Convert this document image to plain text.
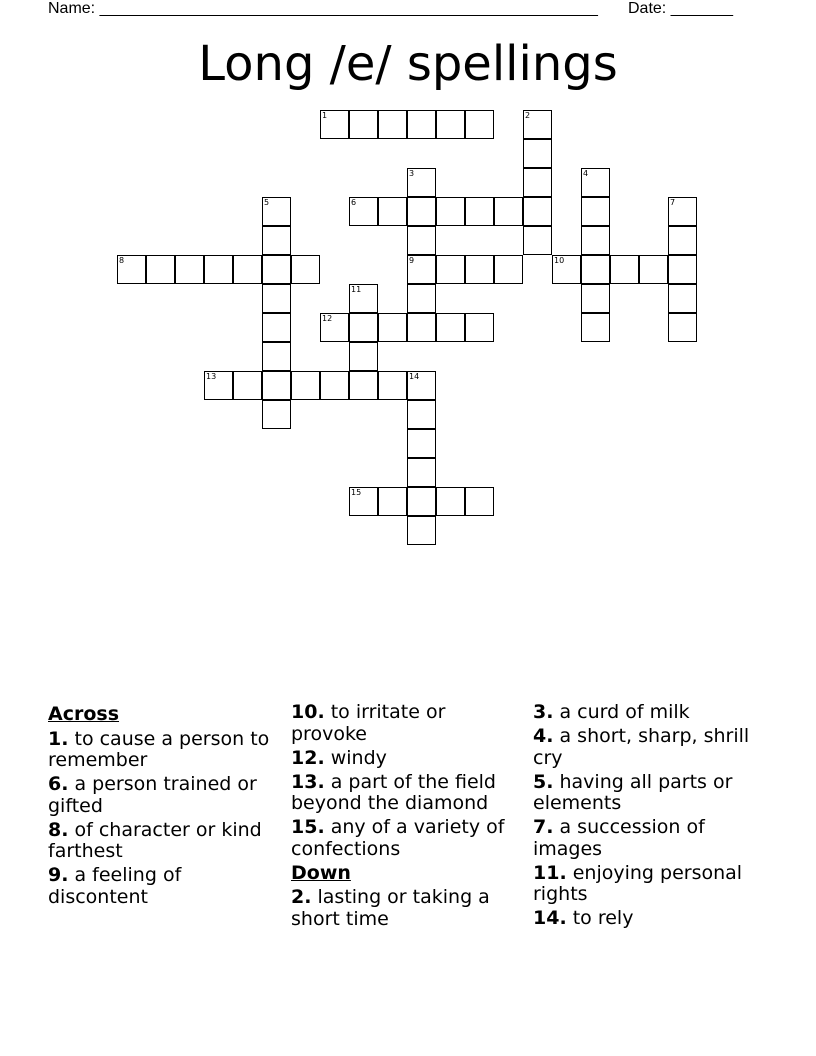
Name: ________________________________________________________ Date: _______
Long /e/ spellings
1	2
3	4
5	6	7
8	9	10
11
12
13	14
15
Across
1. to cause a person to remember
6. a person trained or gifted
8. of character or kind farthest
9. a feeling of discontent
10. to irritate or provoke
12. windy
13. a part of the field beyond the diamond
15. any of a variety of confections
Down
2. lasting or taking a short time
3. a curd of milk
4. a short, sharp, shrill cry
5. having all parts or elements
7. a succession of images
11. enjoying personal rights
14. to rely
